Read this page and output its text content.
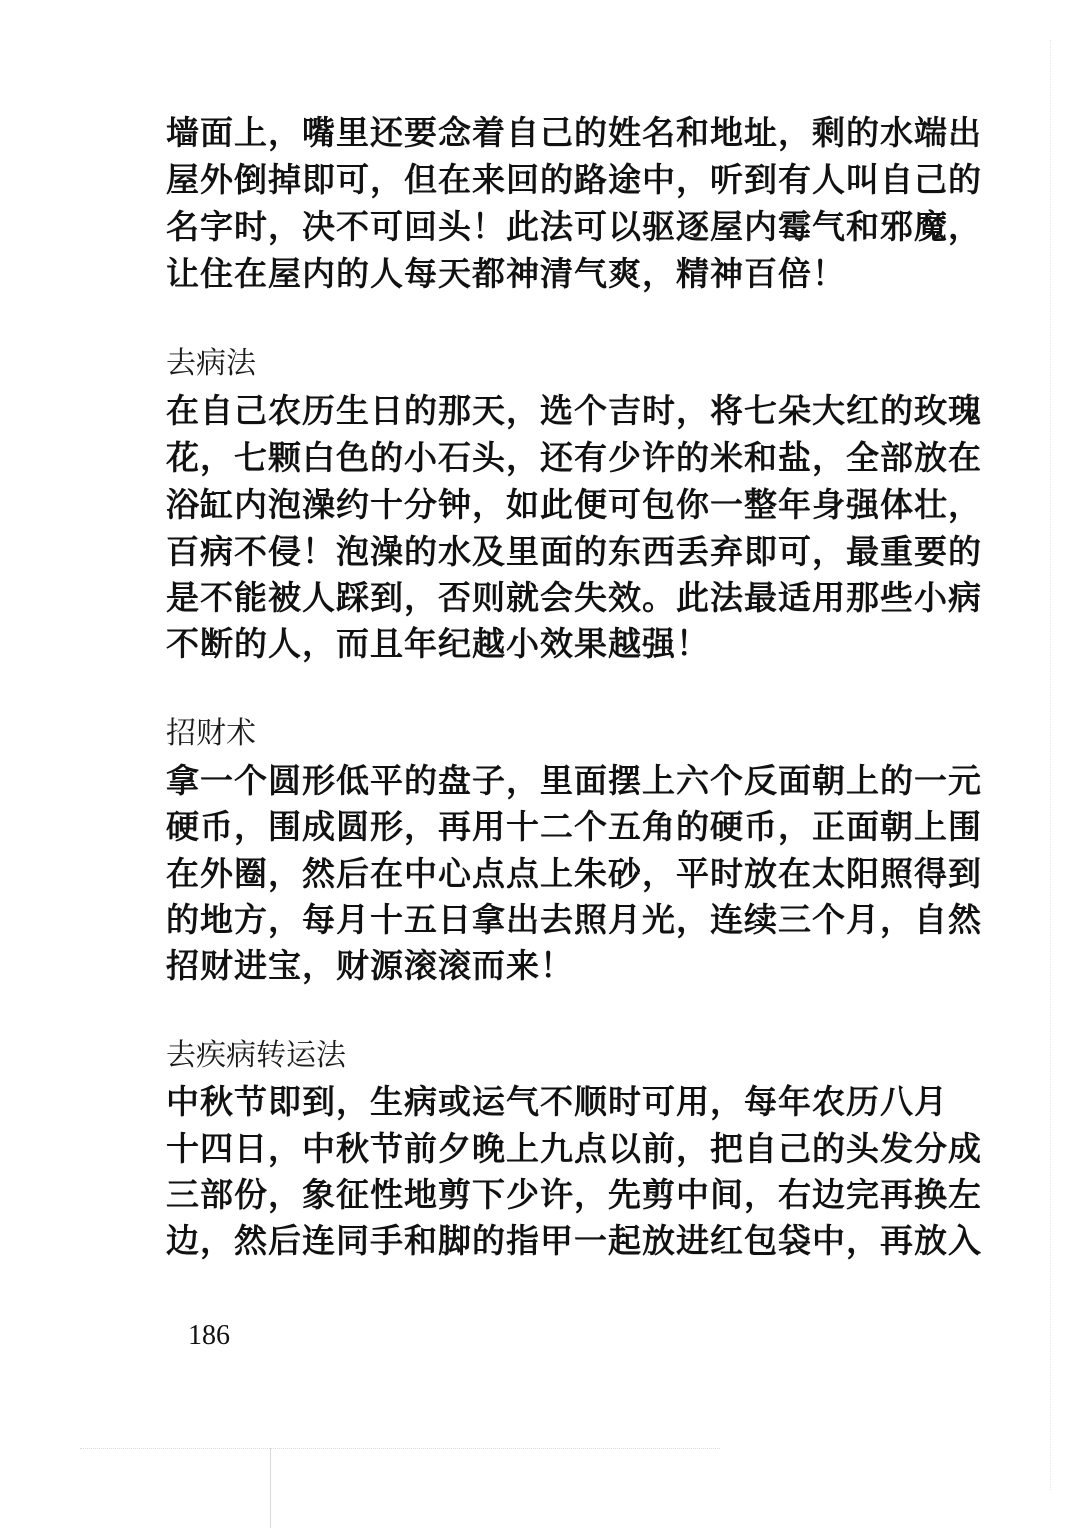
墙面上，嘴里还要念着自己的姓名和地址，剩的水端出
屋外倒掉即可，但在来回的路途中，听到有人叫自己的
名字时，决不可回头！此法可以驱逐屋内霉气和邪魔，
让住在屋内的人每天都神清气爽，精神百倍！
去病法
在自己农历生日的那天，选个吉时，将七朵大红的玫瑰
花，七颗白色的小石头，还有少许的米和盐，全部放在
浴缸内泡澡约十分钟，如此便可包你一整年身强体壮，
百病不侵！泡澡的水及里面的东西丢弃即可，最重要的
是不能被人踩到，否则就会失效。此法最适用那些小病
不断的人，而且年纪越小效果越强！
招财术
拿一个圆形低平的盘子，里面摆上六个反面朝上的一元
硬币，围成圆形，再用十二个五角的硬币，正面朝上围
在外圈，然后在中心点点上朱砂，平时放在太阳照得到
的地方，每月十五日拿出去照月光，连续三个月，自然
招财进宝，财源滚滚而来！
去疾病转运法
中秋节即到，生病或运气不顺时可用，每年农历八月
十四日，中秋节前夕晚上九点以前，把自己的头发分成
三部份，象征性地剪下少许，先剪中间，右边完再换左
边，然后连同手和脚的指甲一起放进红包袋中，再放入
186
